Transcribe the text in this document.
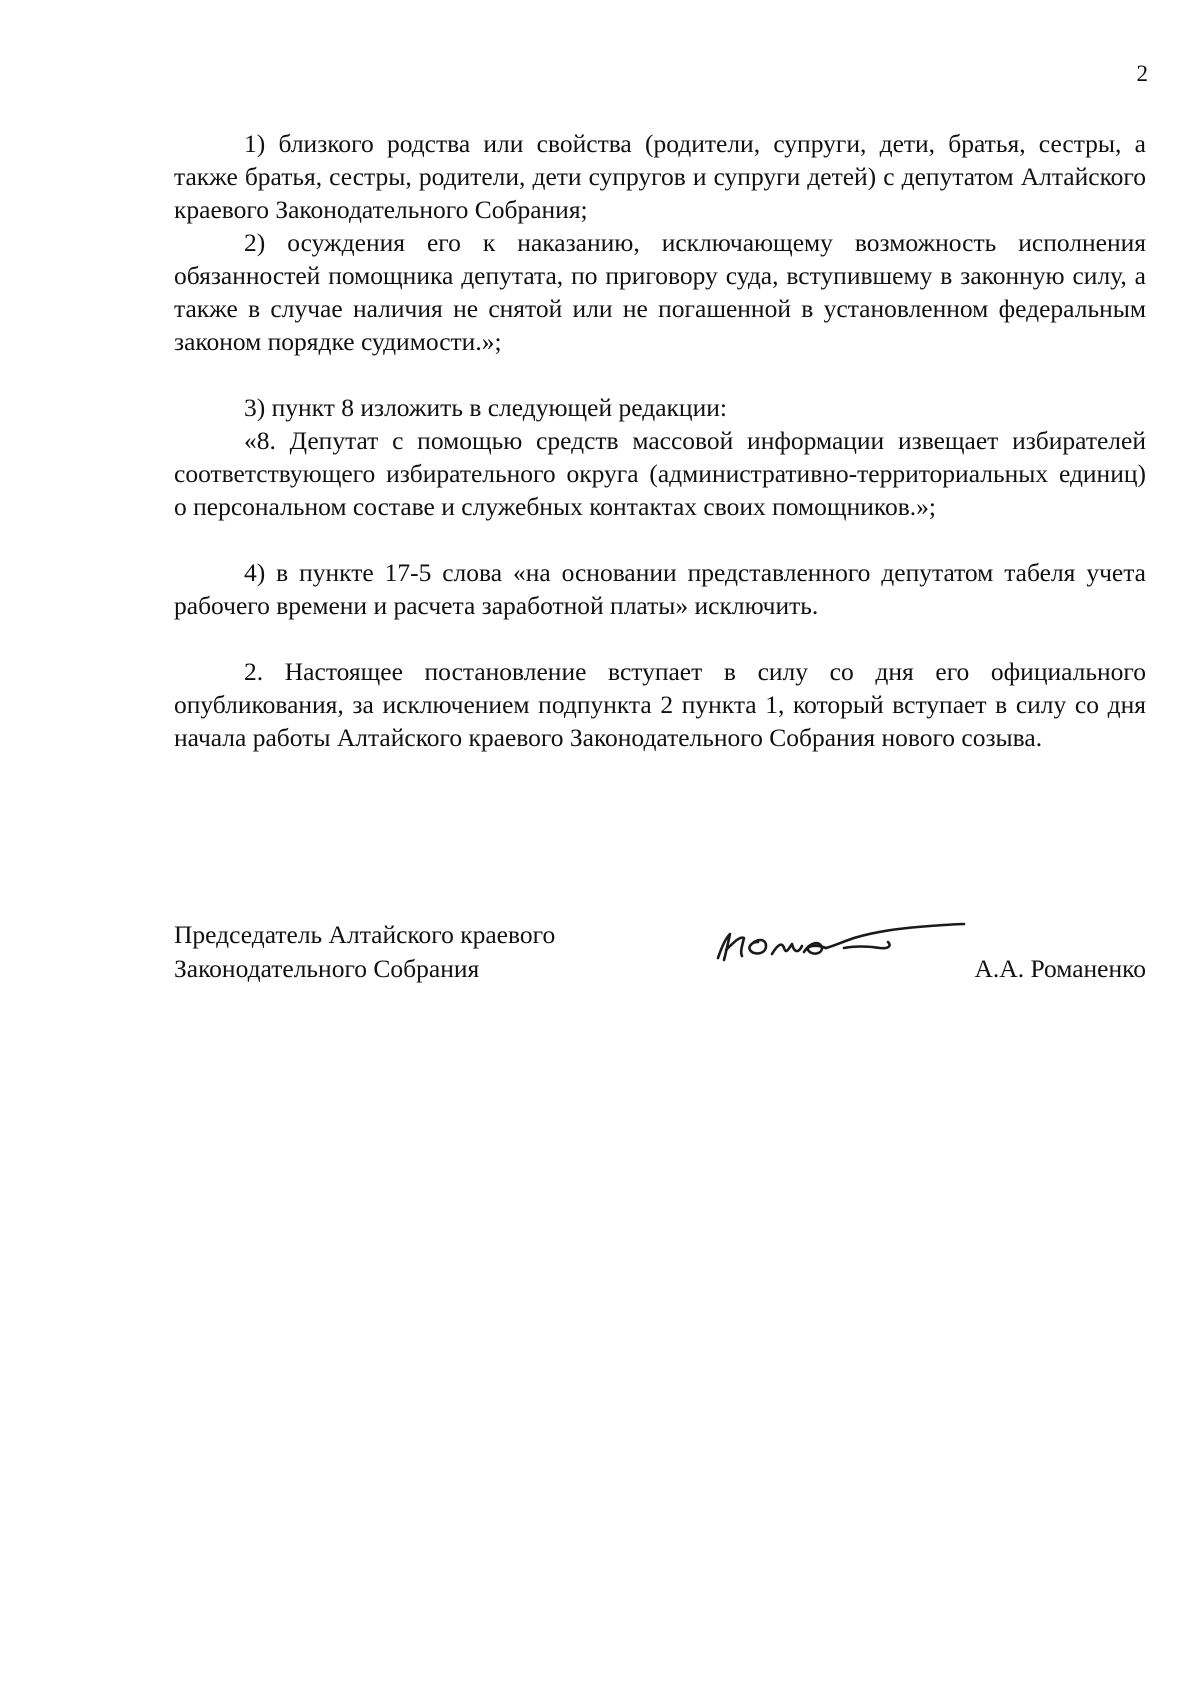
2

1) близкого родства или свойства (родители, супруги, дети, братья, сестры, а также братья, сестры, родители, дети супругов и супруги детей) с депутатом Алтайского краевого Законодательного Собрания;

2) осуждения его к наказанию, исключающему возможность исполнения обязанностей помощника депутата, по приговору суда, вступившему в законную силу, а также в случае наличия не снятой или не погашенной в установленном федеральным законом порядке судимости.»;

3) пункт 8 изложить в следующей редакции:

«8. Депутат с помощью средств массовой информации извещает избирателей соответствующего избирательного округа (административно-территориальных единиц) о персональном составе и служебных контактах своих помощников.»;

4) в пункте 17-5 слова «на основании представленного депутатом табеля учета рабочего времени и расчета заработной платы» исключить.

2. Настоящее постановление вступает в силу со дня его официального опубликования, за исключением подпункта 2 пункта 1, который вступает в силу со дня начала работы Алтайского краевого Законодательного Собрания нового созыва.

Председатель Алтайского краевого
Законодательного Собрания	А.А. Романенко
